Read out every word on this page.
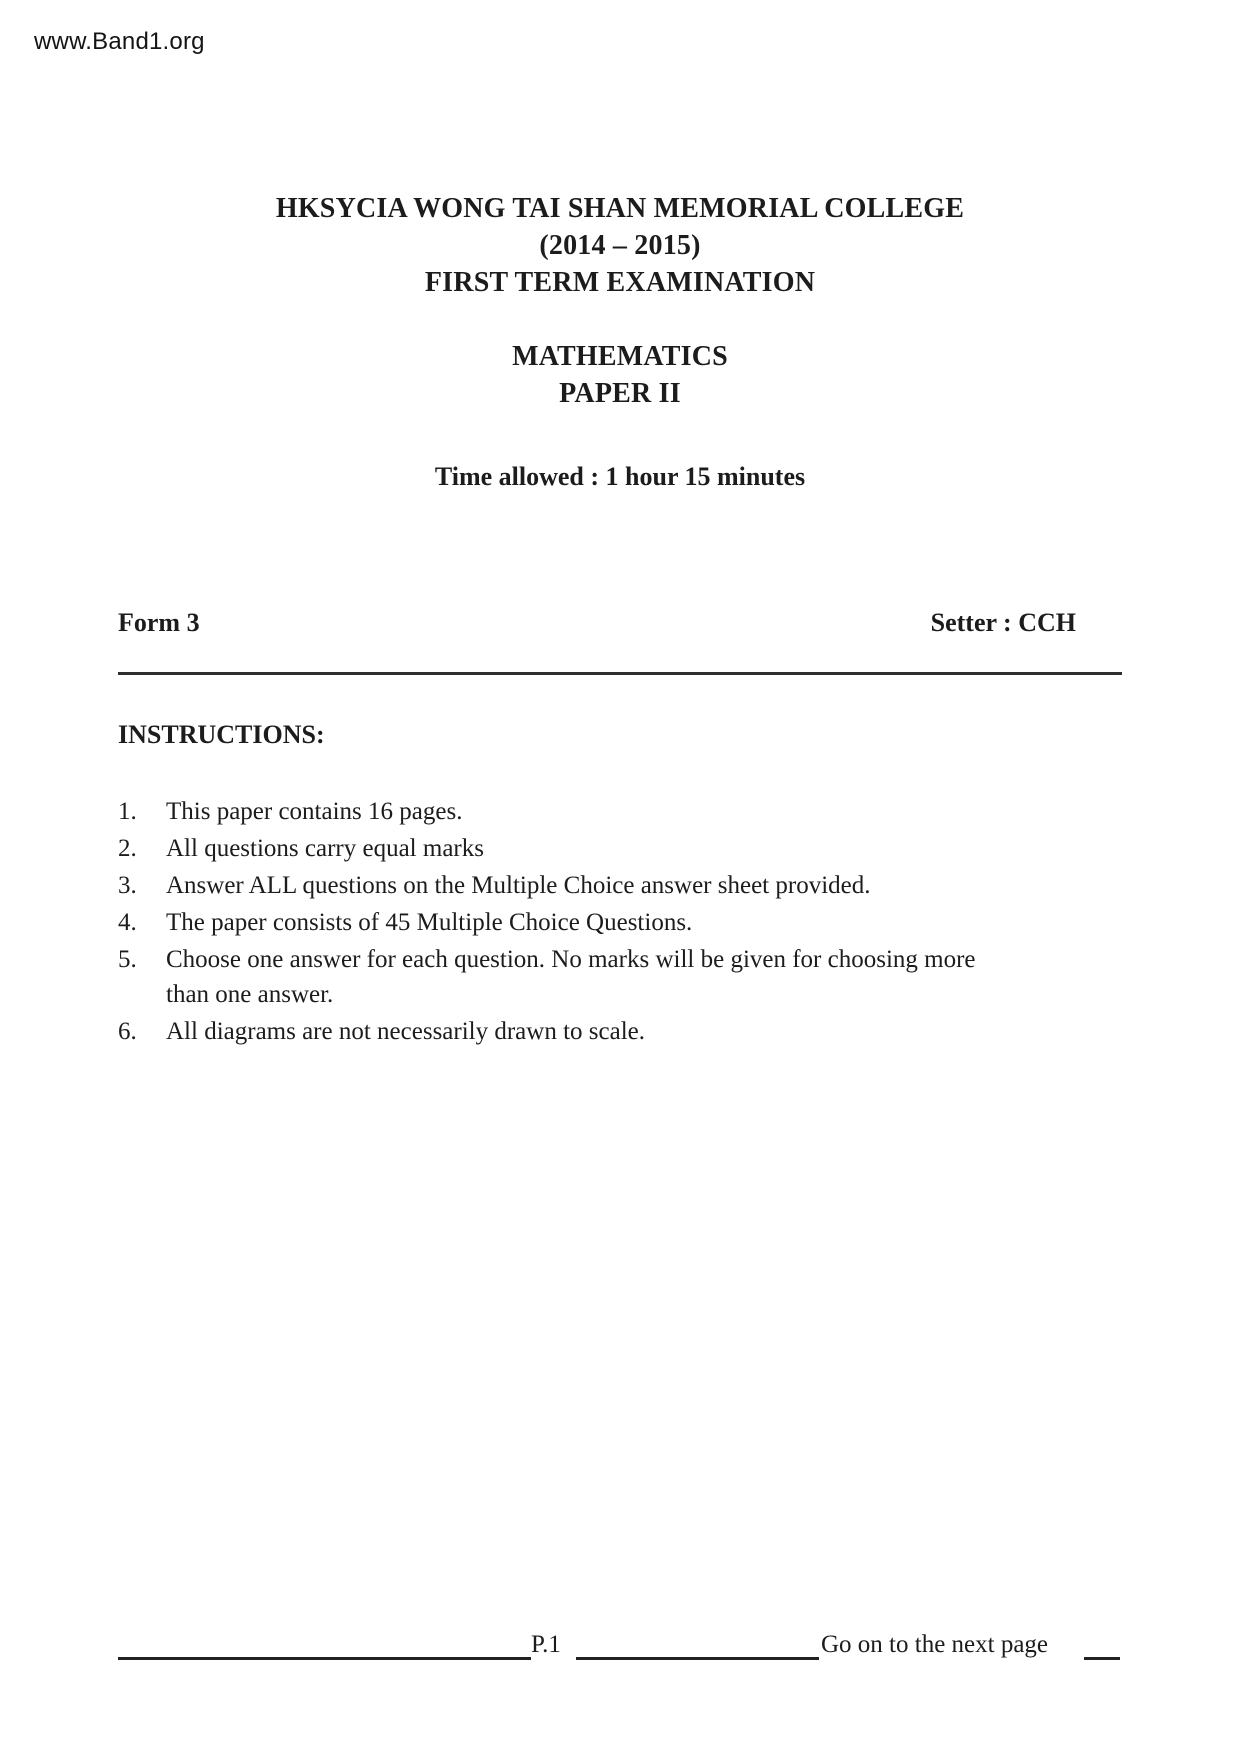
www.Band1.org
HKSYCIA WONG TAI SHAN MEMORIAL COLLEGE
(2014 – 2015)
FIRST TERM EXAMINATION
MATHEMATICS
PAPER II
Time allowed : 1 hour 15 minutes
Form 3	Setter : CCH
INSTRUCTIONS:
1.	This paper contains 16 pages.
2.	All questions carry equal marks
3.	Answer ALL questions on the Multiple Choice answer sheet provided.
4.	The paper consists of 45 Multiple Choice Questions.
5.	Choose one answer for each question. No marks will be given for choosing more
than one answer.
6.	All diagrams are not necessarily drawn to scale.
P.1	Go on to the next page
